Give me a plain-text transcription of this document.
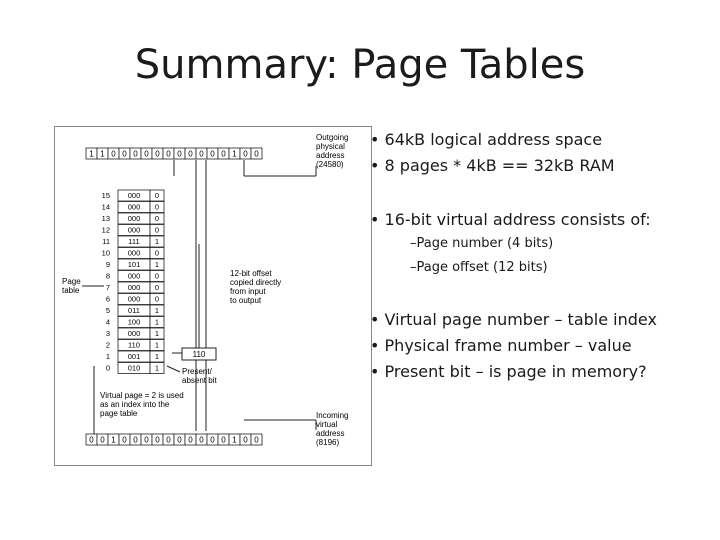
Summary: Page Tables
1 1 0 0 0 0 0 0 0 0 0 0 0 1 0 0
0 0 1 0 0 0 0 0 0 0 0 0 0 1 0 0
15 000 0
14 000 0
13 000 0
12 000 0
11 111 1
10 000 0
9 101 1
8 000 0
7 000 0
6 000 0
5 011 1
4 100 1
3 000 1
2 110 1
1 001 1
0 010 1
110
Outgoing
physical
address
(24580)
Incoming
virtual
address
(8196)
12-bit offset
copied directly
from input
to output
Page
table
Present/
absent bit
Virtual page = 2 is used
as an index into the
page table
• 64kB logical address space
• 8 pages * 4kB == 32kB RAM
• 16-bit virtual address consists of:
–Page number (4 bits)
–Page offset (12 bits)
• Virtual page number – table index
• Physical frame number – value
• Present bit – is page in memory?
